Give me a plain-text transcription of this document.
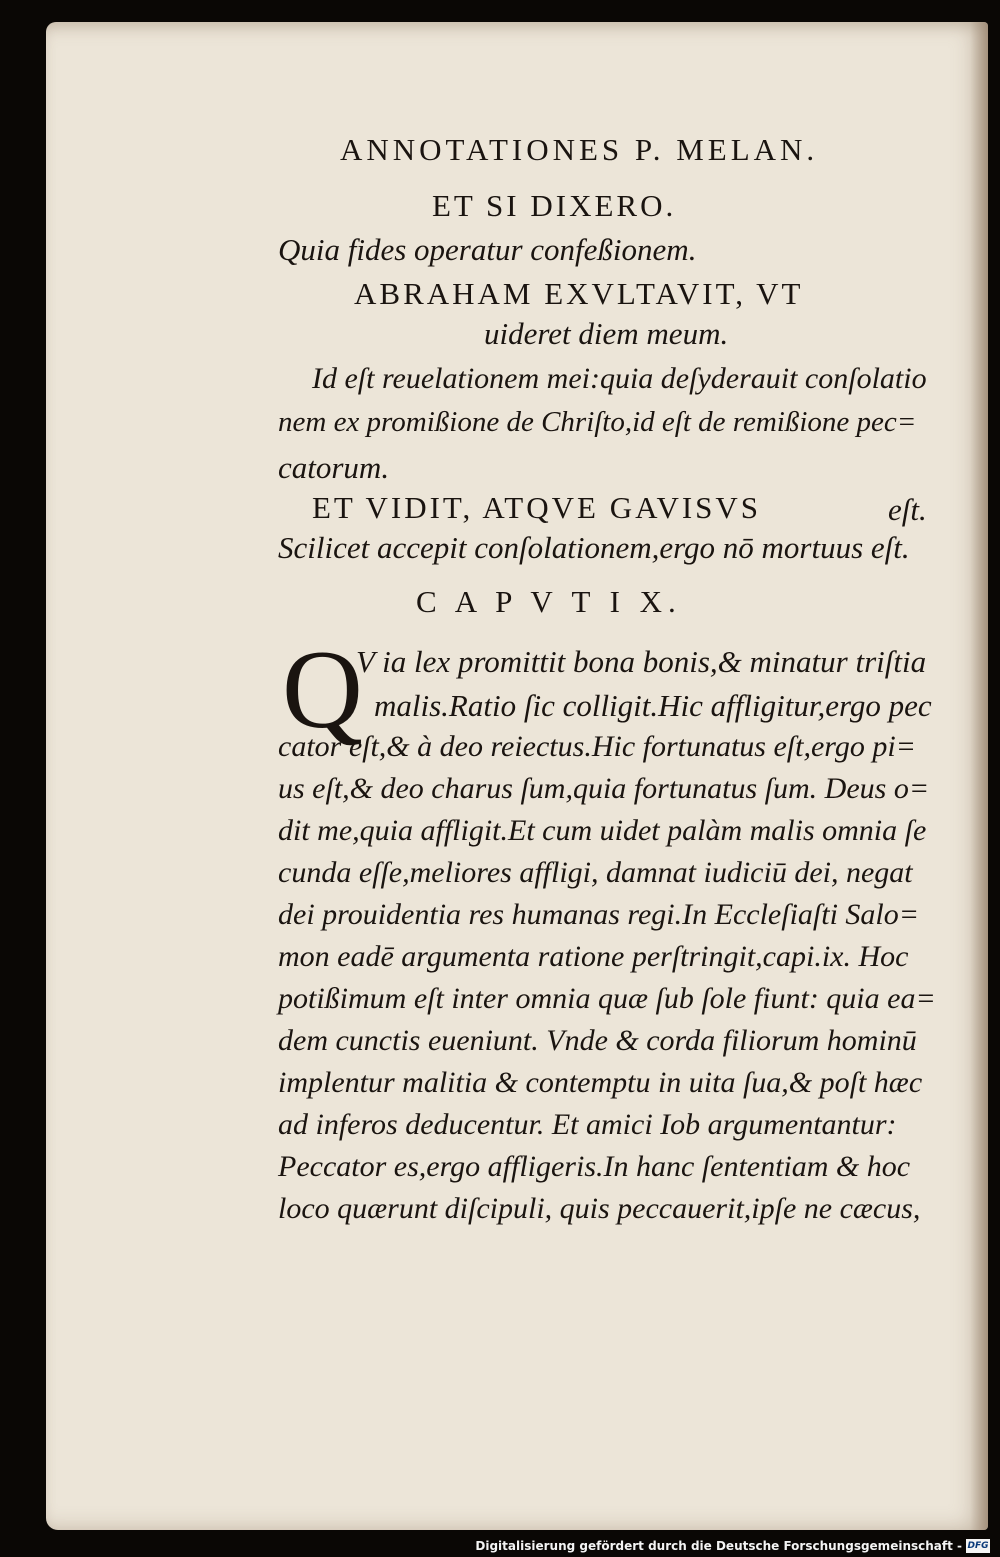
ANNOTATIONES P. MELAN.
ET SI DIXERO.
Quia fides operatur confeßionem.
ABRAHAM EXVLTAVIT, VT
uideret diem meum.
Id eſt reuelationem mei:quia deſyderauit conſolatio
nem ex promißione de Chriſto,id eſt de remißione pec=
catorum.
ET VIDIT, ATQVE GAVISVS	eſt.
Scilicet accepit conſolationem,ergo nō mortuus eſt.
C A P V T I X.
Q
V ia lex promittit bona bonis,& minatur triſtia
malis.Ratio ſic colligit.Hic affligitur,ergo pec
cator eſt,& à deo reiectus.Hic fortunatus eſt,ergo pi=
us eſt,& deo charus ſum,quia fortunatus ſum. Deus o=
dit me,quia affligit.Et cum uidet palàm malis omnia ſe
cunda eſſe,meliores affligi, damnat iudiciū dei, negat
dei prouidentia res humanas regi.In Eccleſiaſti Salo=
mon eadē argumenta ratione perſtringit,capi.ix. Hoc
potißimum eſt inter omnia quæ ſub ſole fiunt: quia ea=
dem cunctis eueniunt. Vnde & corda filiorum hominū
implentur malitia & contemptu in uita ſua,& poſt hæc
ad inferos deducentur. Et amici Iob argumentantur:
Peccator es,ergo affligeris.In hanc ſententiam & hoc
loco quærunt diſcipuli, quis peccauerit,ipſe ne cæcus,
Digitalisierung gefördert durch die Deutsche Forschungsgemeinschaft - DFG
